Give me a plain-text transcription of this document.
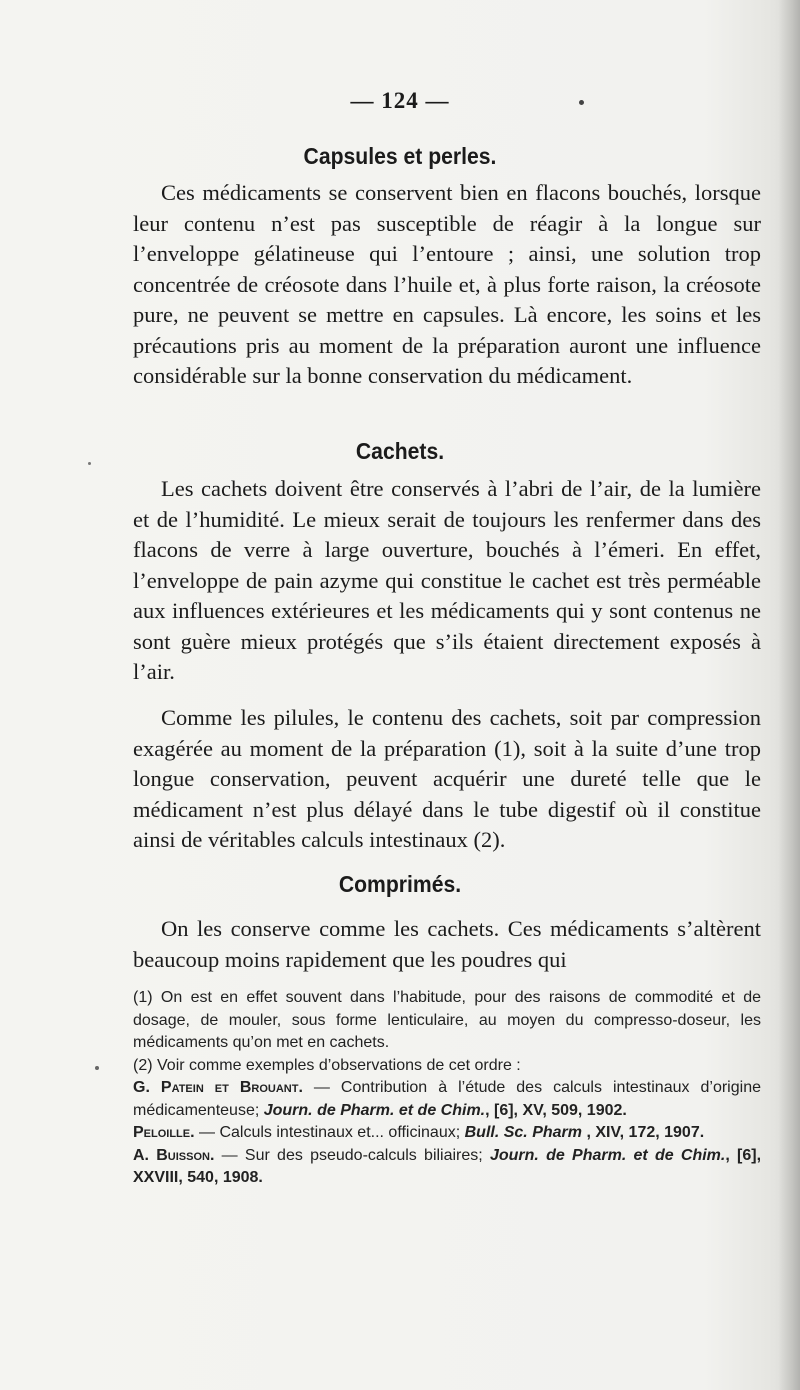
— 124 —
Capsules et perles.

Ces médicaments se conservent bien en flacons bouchés, lorsque leur contenu n’est pas susceptible de réagir à la longue sur l’enveloppe gélatineuse qui l’entoure ; ainsi, une solution trop concentrée de créosote dans l’huile et, à plus forte raison, la créosote pure, ne peuvent se mettre en capsules. Là encore, les soins et les précautions pris au moment de la préparation auront une influence considérable sur la bonne conservation du médicament.

Cachets.

Les cachets doivent être conservés à l’abri de l’air, de la lumière et de l’humidité. Le mieux serait de toujours les renfermer dans des flacons de verre à large ouverture, bouchés à l’émeri. En effet, l’enveloppe de pain azyme qui constitue le cachet est très perméable aux influences extérieures et les médicaments qui y sont contenus ne sont guère mieux protégés que s’ils étaient directement exposés à l’air.

Comme les pilules, le contenu des cachets, soit par compression exagérée au moment de la préparation (1), soit à la suite d’une trop longue conservation, peuvent acquérir une dureté telle que le médicament n’est plus délayé dans le tube digestif où il constitue ainsi de véritables calculs intestinaux (2).

Comprimés.

On les conserve comme les cachets. Ces médicaments s’altèrent beaucoup moins rapidement que les poudres qui

(1) On est en effet souvent dans l’habitude, pour des raisons de commodité et de dosage, de mouler, sous forme lenticulaire, au moyen du compresso-doseur, les médicaments qu’on met en cachets.

(2) Voir comme exemples d’observations de cet ordre :

G. Patein et Brouant. — Contribution à l’étude des calculs intestinaux d’origine médicamenteuse; Journ. de Pharm. et de Chim., [6], XV, 509, 1902.

Peloille. — Calculs intestinaux et... officinaux; Bull. Sc. Pharm , XIV, 172, 1907.

A. Buisson. — Sur des pseudo-calculs biliaires; Journ. de Pharm. et de Chim., [6], XXVIII, 540, 1908.
